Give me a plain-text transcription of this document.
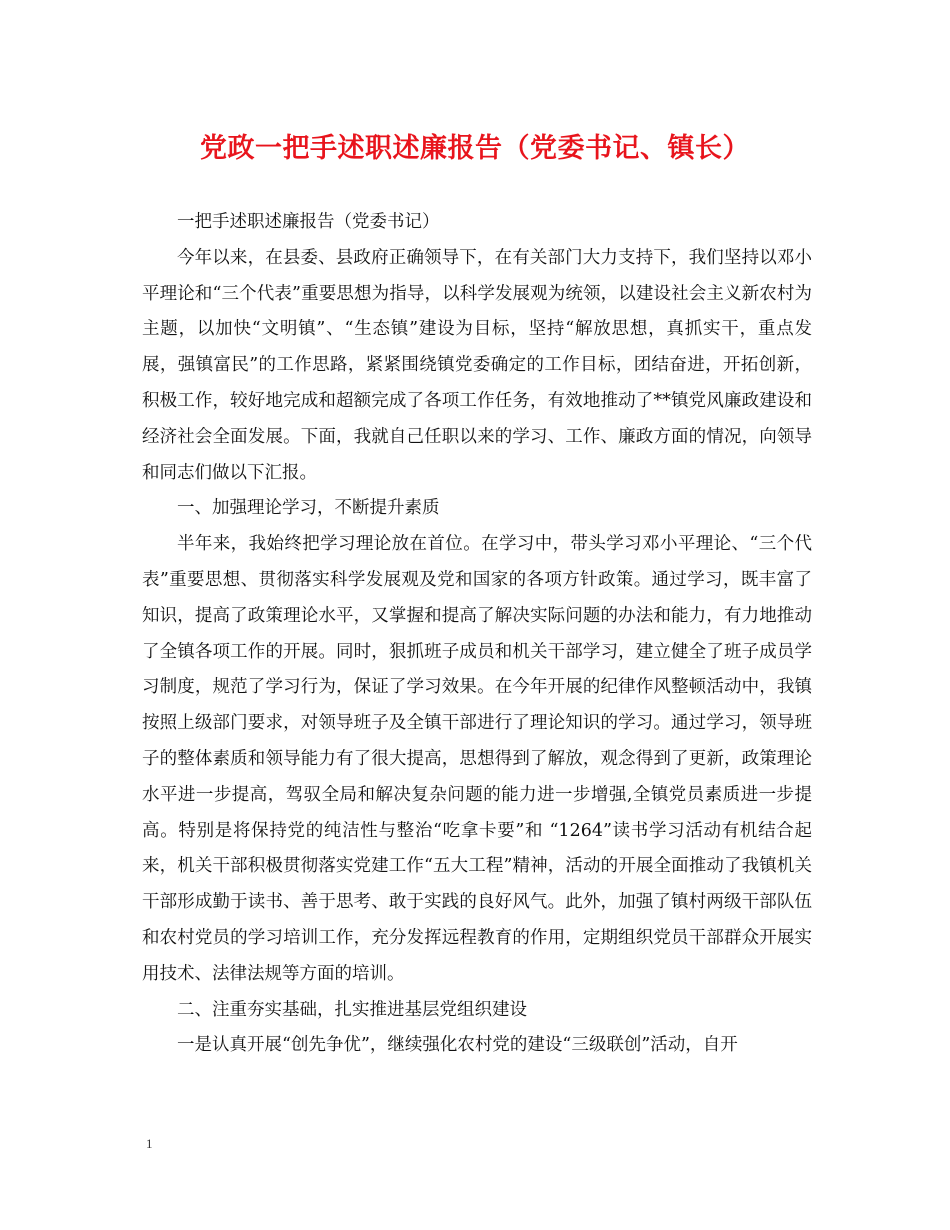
党政一把手述职述廉报告（党委书记、镇长）

一把手述职述廉报告（党委书记）

今年以来，在县委、县政府正确领导下，在有关部门大力支持下，我们坚持以邓小平理论和“三个代表”重要思想为指导，以科学发展观为统领，以建设社会主义新农村为主题，以加快“文明镇”、“生态镇”建设为目标，坚持“解放思想，真抓实干，重点发展，强镇富民”的工作思路，紧紧围绕镇党委确定的工作目标，团结奋进，开拓创新，积极工作，较好地完成和超额完成了各项工作任务，有效地推动了**镇党风廉政建设和经济社会全面发展。下面，我就自己任职以来的学习、工作、廉政方面的情况，向领导和同志们做以下汇报。

一、加强理论学习，不断提升素质

半年来，我始终把学习理论放在首位。在学习中，带头学习邓小平理论、“三个代表”重要思想、贯彻落实科学发展观及党和国家的各项方针政策。通过学习，既丰富了知识，提高了政策理论水平，又掌握和提高了解决实际问题的办法和能力，有力地推动了全镇各项工作的开展。同时，狠抓班子成员和机关干部学习，建立健全了班子成员学习制度，规范了学习行为，保证了学习效果。在今年开展的纪律作风整顿活动中，我镇按照上级部门要求，对领导班子及全镇干部进行了理论知识的学习。通过学习，领导班子的整体素质和领导能力有了很大提高，思想得到了解放，观念得到了更新，政策理论水平进一步提高，驾驭全局和解决复杂问题的能力进一步增强,全镇党员素质进一步提高。特别是将保持党的纯洁性与整治“吃拿卡要”和 “1264”读书学习活动有机结合起来，机关干部积极贯彻落实党建工作“五大工程”精神，活动的开展全面推动了我镇机关干部形成勤于读书、善于思考、敢于实践的良好风气。此外，加强了镇村两级干部队伍和农村党员的学习培训工作，充分发挥远程教育的作用，定期组织党员干部群众开展实用技术、法律法规等方面的培训。

二、注重夯实基础，扎实推进基层党组织建设

一是认真开展“创先争优”，继续强化农村党的建设“三级联创”活动，自开

1
